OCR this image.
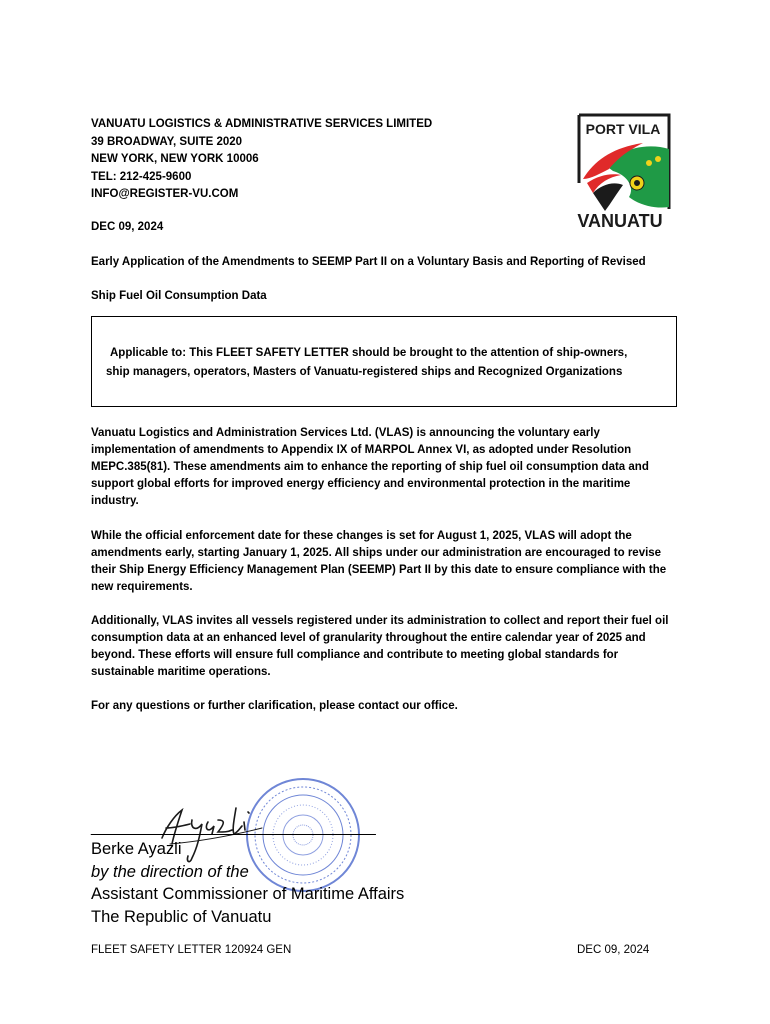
VANUATU LOGISTICS & ADMINISTRATIVE SERVICES LIMITED
39 BROADWAY, SUITE 2020
NEW YORK, NEW YORK 10006
TEL: 212-425-9600
INFO@REGISTER-VU.COM
PORT VILA
VANUATU
DEC 09, 2024
Early Application of the Amendments to SEEMP Part II on a Voluntary Basis and Reporting of Revised
Ship Fuel Oil Consumption Data
Applicable to: This FLEET SAFETY LETTER should be brought to the attention of ship-owners,
ship managers, operators, Masters of Vanuatu-registered ships and Recognized Organizations
Vanuatu Logistics and Administration Services Ltd. (VLAS) is announcing the voluntary early implementation of amendments to Appendix IX of MARPOL Annex VI, as adopted under Resolution MEPC.385(81). These amendments aim to enhance the reporting of ship fuel oil consumption data and support global efforts for improved energy efficiency and environmental protection in the maritime industry.
While the official enforcement date for these changes is set for August 1, 2025, VLAS will adopt the amendments early, starting January 1, 2025. All ships under our administration are encouraged to revise their Ship Energy Efficiency Management Plan (SEEMP) Part II by this date to ensure compliance with the new requirements.
Additionally, VLAS invites all vessels registered under its administration to collect and report their fuel oil consumption data at an enhanced level of granularity throughout the entire calendar year of 2025 and beyond. These efforts will ensure full compliance and contribute to meeting global standards for sustainable maritime operations.
For any questions or further clarification, please contact our office.
________________________________
Berke Ayazli
by the direction of the
Assistant Commissioner of Maritime Affairs
The Republic of Vanuatu
FLEET SAFETY LETTER 120924 GEN	DEC 09, 2024
